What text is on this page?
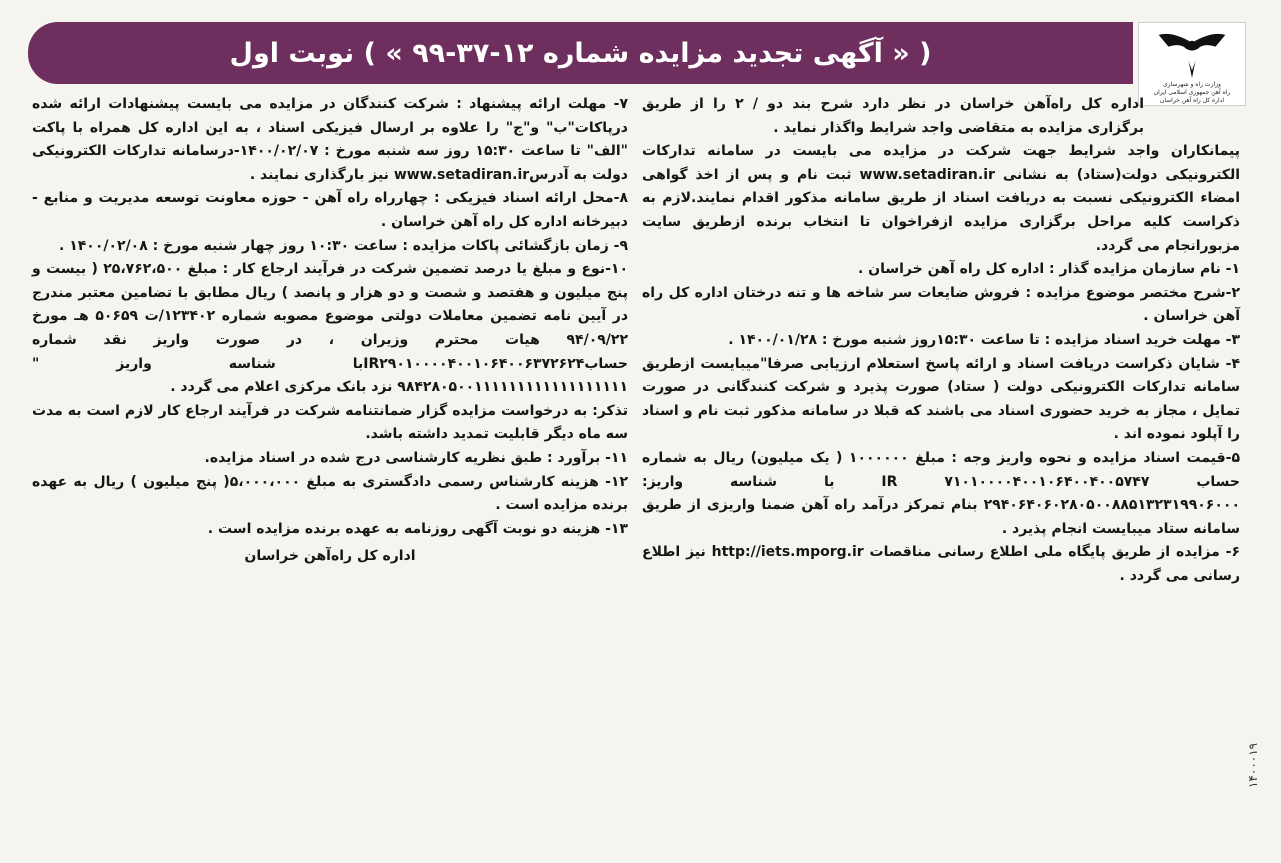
( « آگهی تجدید مزایده شماره ۱۲-۳۷-۹۹ » ) نوبت اول
وزارت راه و شهرسازی
راه آهن جمهوری اسلامی ایران
اداره کل راه آهن خراسان

اداره کل راه‌آهن خراسان در نظر دارد شرح بند دو / ۲ را از طریق برگزاری مزایده به متقاضی واجد شرایط واگذار نماید .

پیمانکاران واجد شرایط جهت شرکت در مزایده می بایست در سامانه تدارکات الکترونیکی دولت(ستاد) به نشانی www.setadiran.ir ثبت نام و پس از اخذ گواهی امضاء الکترونیکی نسبت به دریافت اسناد از طریق سامانه مذکور اقدام نمایند.لازم به ذکراست کلیه مراحل برگزاری مزایده ازفراخوان تا انتخاب برنده ازطریق سایت مزبورانجام می گردد.

۱- نام سازمان مزایده گذار : اداره کل راه آهن خراسان .

۲-شرح مختصر موضوع مزایده : فروش ضایعات سر شاخه ها و تنه درختان اداره کل راه آهن خراسان .

۳- مهلت خرید اسناد مزایده : تا ساعت ۱۵:۳۰روز شنبه مورخ : ۱۴۰۰/۰۱/۲۸ .

۴- شایان ذکراست دریافت اسناد و ارائه پاسخ استعلام ارزیابی صرفا"میبایست ازطریق سامانه تدارکات الکترونیکی دولت ( ستاد) صورت پذیرد و شرکت کنندگانی در صورت تمایل ، مجاز به خرید حضوری اسناد می باشند که قبلا در سامانه مذکور ثبت نام و اسناد را آپلود نموده اند .

۵-قیمت اسناد مزایده و نحوه واریز وجه : مبلغ ۱۰۰۰۰۰۰ ( یک میلیون) ریال به شماره حساب IR ۷۱۰۱۰۰۰۰۴۰۰۱۰۶۴۰۰۴۰۰۵۷۴۷ با شناسه واریز: ۲۹۴۰۶۴۰۶۰۲۸۰۵۰۰۸۸۵۱۳۲۳۱۹۹۰۶۰۰۰ بنام تمرکز درآمد راه آهن ضمنا واریزی از طریق سامانه ستاد میبایست انجام پذیرد .

۶- مزایده از طریق پایگاه ملی اطلاع رسانی مناقصات http://iets.mporg.ir نیز اطلاع رسانی می گردد .

۷- مهلت ارائه پیشنهاد : شرکت کنندگان در مزایده می بایست پیشنهادات ارائه شده درپاکات"ب" و"ج" را علاوه بر ارسال فیزیکی اسناد ، به این اداره کل همراه با پاکت "الف" تا ساعت ۱۵:۳۰ روز سه شنبه مورخ : ۱۴۰۰/۰۲/۰۷-درسامانه تدارکات الکترونیکی دولت به آدرسwww.setadiran.ir نیز بارگذاری نمایند .

۸-محل ارائه اسناد فیزیکی : چهارراه راه آهن - حوزه معاونت توسعه مدیریت و منابع - دبیرخانه اداره کل راه آهن خراسان .

۹- زمان بازگشائی پاکات مزایده : ساعت ۱۰:۳۰ روز چهار شنبه مورخ : ۱۴۰۰/۰۲/۰۸ .

۱۰-نوع و مبلغ یا درصد تضمین شرکت در فرآیند ارجاع کار : مبلغ ۲۵،۷۶۲،۵۰۰ ( بیست و پنج میلیون و هفتصد و شصت و دو هزار و پانصد ) ریال مطابق با تضامین معتبر مندرج در آیین نامه تضمین معاملات دولتی موضوع مصوبه شماره ۱۲۳۴۰۲/ت ۵۰۶۵۹ هـ مورخ ۹۴/۰۹/۲۲ هیات محترم وزیران ، در صورت واریز نقد شماره حسابIR۲۹۰۱۰۰۰۰۴۰۰۱۰۶۴۰۰۶۳۷۲۶۲۴با شناسه واریز " ۹۸۴۲۸۰۵۰۰۱۱۱۱۱۱۱۱۱۱۱۱۱۱۱۱۱۱ نزد بانک مرکزی اعلام می گردد .

تذکر: به درخواست مزایده گزار ضمانتنامه شرکت در فرآیند ارجاع کار لازم است به مدت سه ماه دیگر قابلیت تمدید داشته باشد.

۱۱- برآورد : طبق نظریه کارشناسی درج شده در اسناد مزایده.

۱۲- هزینه کارشناس رسمی دادگستری به مبلغ ۵،۰۰۰،۰۰۰( پنج میلیون ) ریال به عهده برنده مزایده است .

۱۳- هزینه دو نوبت آگهی روزنامه به عهده برنده مزایده است .

اداره کل راه‌آهن خراسان

۱۴۰۰۰۱۹
